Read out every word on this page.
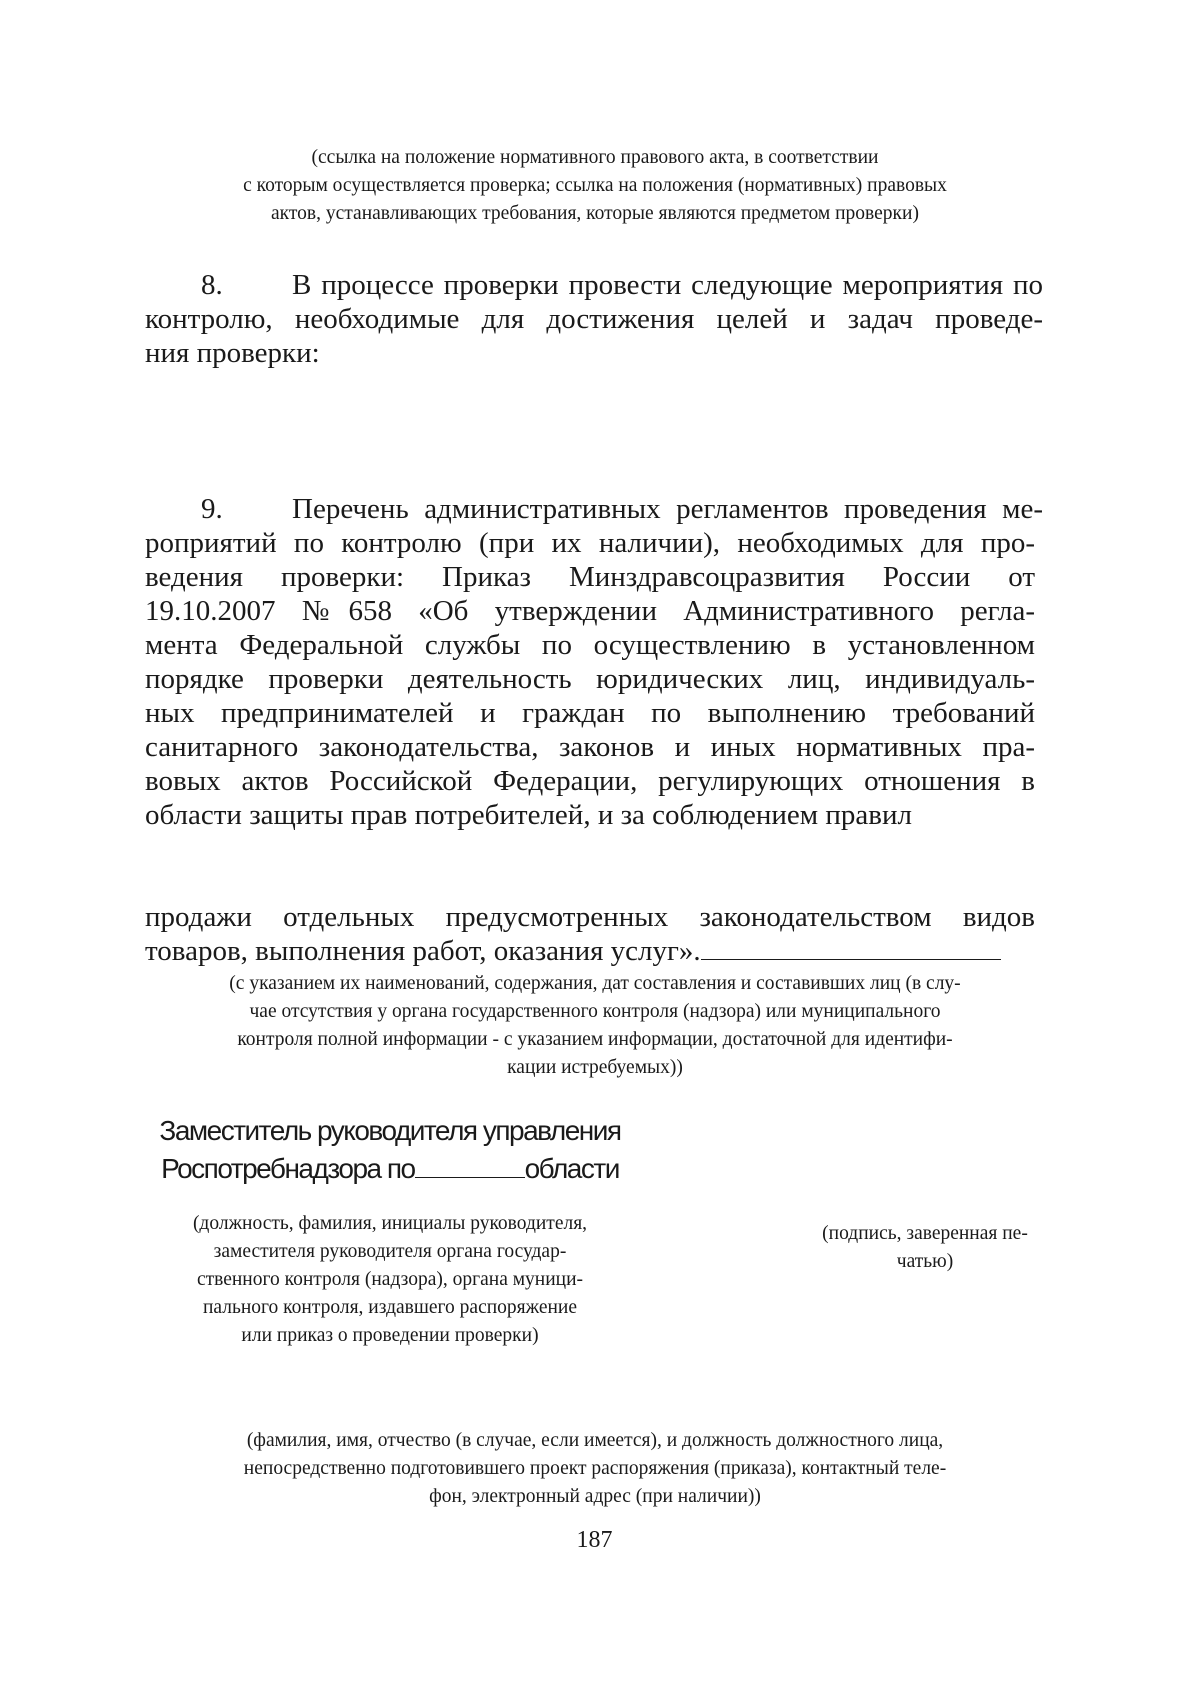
(ссылка на положение нормативного правового акта, в соответствии
с которым осуществляется проверка; ссылка на положения (нормативных) правовых
актов, устанавливающих требования, которые являются предметом проверки)
8. В процессе проверки провести следующие мероприятия по
контролю, необходимые для достижения целей и задач проведе-
ния проверки:
9. Перечень административных регламентов проведения ме-
роприятий по контролю (при их наличии), необходимых для про-
ведения проверки: Приказ Минздравсоцразвития России от
19.10.2007 №658 «Об утверждении Административного регла-
мента Федеральной службы по осуществлению в установленном
порядке проверки деятельность юридических лиц, индивидуаль-
ных предпринимателей и граждан по выполнению требований
санитарного законодательства, законов и иных нормативных пра-
вовых актов Российской Федерации, регулирующих отношения в
области защиты прав потребителей, и за соблюдением правил
продажи отдельных предусмотренных законодательством видов
товаров, выполнения работ, оказания услуг».
(с указанием их наименований, содержания, дат составления и составивших лиц (в слу-
чае отсутствия у органа государственного контроля (надзора) или муниципального
контроля полной информации - с указанием информации, достаточной для идентифи-
кации истребуемых))
Заместитель руководителя управления
Роспотребнадзора по	области
(должность, фамилия, инициалы руководителя,
заместителя руководителя органа государ-
ственного контроля (надзора), органа муници-
пального контроля, издавшего распоряжение
или приказ о проведении проверки)
(подпись, заверенная пе-
чатью)
(фамилия, имя, отчество (в случае, если имеется), и должность должностного лица,
непосредственно подготовившего проект распоряжения (приказа), контактный теле-
фон, электронный адрес (при наличии))
187
